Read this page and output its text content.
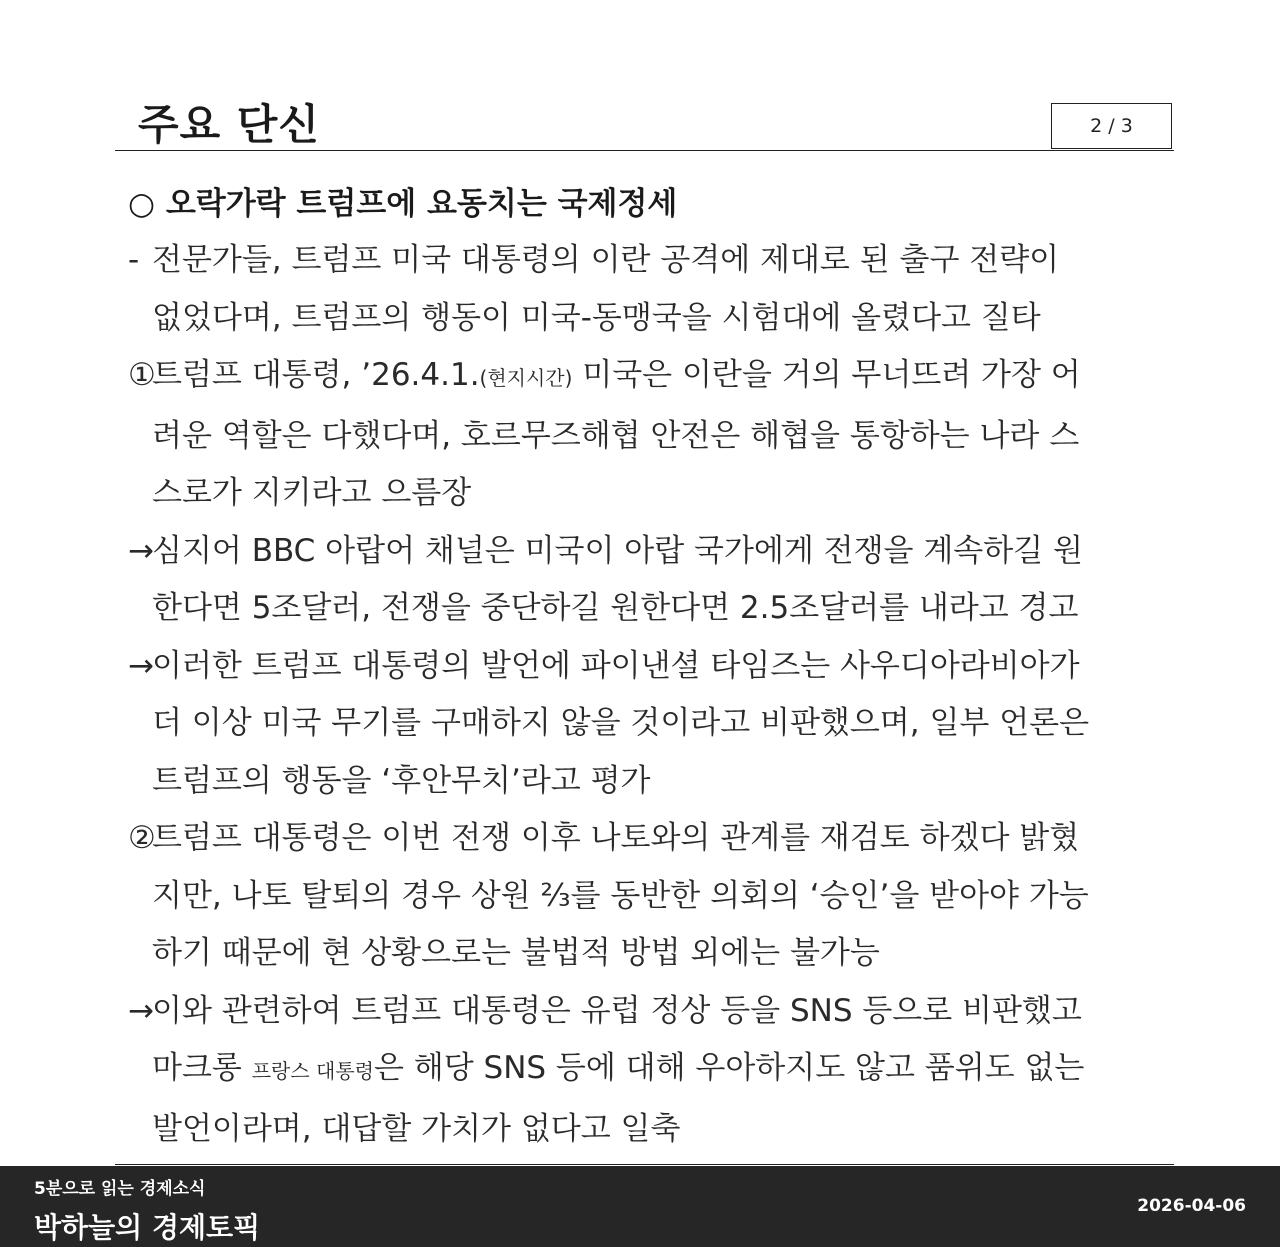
주요 단신	2 / 3
○ 오락가락 트럼프에 요동치는 국제정세
- 전문가들, 트럼프 미국 대통령의 이란 공격에 제대로 된 출구 전략이
없었다며, 트럼프의 행동이 미국-동맹국을 시험대에 올렸다고 질타
①
트럼프 대통령, ’26.4.1.(현지시간) 미국은 이란을 거의 무너뜨려 가장 어
려운 역할은 다했다며, 호르무즈해협 안전은 해협을 통항하는 나라 스
스로가 지키라고 으름장
→
심지어 BBC 아랍어 채널은 미국이 아랍 국가에게 전쟁을 계속하길 원
한다면 5조달러, 전쟁을 중단하길 원한다면 2.5조달러를 내라고 경고
→
이러한 트럼프 대통령의 발언에 파이낸셜 타임즈는 사우디아라비아가
더 이상 미국 무기를 구매하지 않을 것이라고 비판했으며, 일부 언론은
트럼프의 행동을 ‘후안무치’라고 평가
②
트럼프 대통령은 이번 전쟁 이후 나토와의 관계를 재검토 하겠다 밝혔
지만, 나토 탈퇴의 경우 상원 ⅔를 동반한 의회의 ‘승인’을 받아야 가능
하기 때문에 현 상황으로는 불법적 방법 외에는 불가능
→
이와 관련하여 트럼프 대통령은 유럽 정상 등을 SNS 등으로 비판했고
마크롱 프랑스 대통령은 해당 SNS 등에 대해 우아하지도 않고 품위도 없는
발언이라며, 대답할 가치가 없다고 일축
5분으로 읽는 경제소식
박하늘의 경제토픽
2026-04-06
